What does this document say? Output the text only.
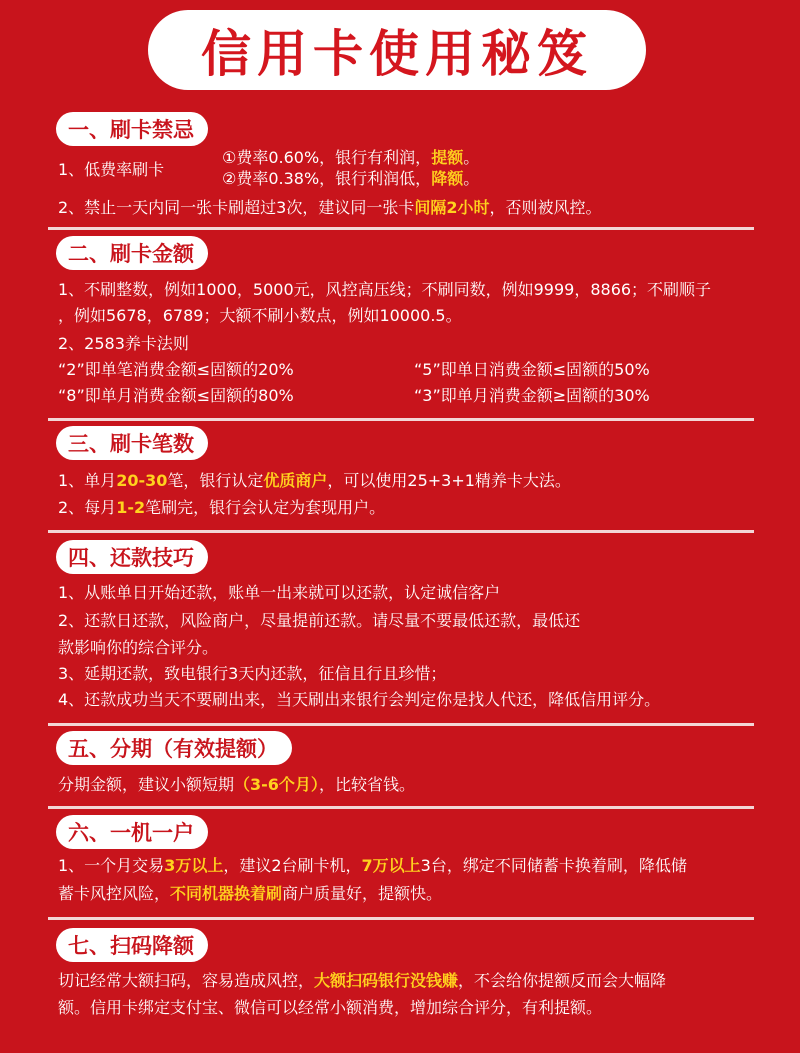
信用卡使用秘笈
一、刷卡禁忌
1、低费率刷卡
①费率0.60%，银行有利润，提额。
②费率0.38%，银行利润低，降额。
2、禁止一天内同一张卡刷超过3次，建议同一张卡间隔2小时，否则被风控。
二、刷卡金额
1、不刷整数，例如1000，5000元，风控高压线；不刷同数，例如9999，8866；不刷顺子
，例如5678，6789；大额不刷小数点，例如10000.5。
2、2583养卡法则
“2”即单笔消费金额≤固额的20%	“5”即单日消费金额≤固额的50%
“8”即单月消费金额≤固额的80%	“3”即单月消费金额≥固额的30%
三、刷卡笔数
1、单月20-30笔，银行认定优质商户，可以使用25+3+1精养卡大法。
2、每月1-2笔刷完，银行会认定为套现用户。
四、还款技巧
1、从账单日开始还款，账单一出来就可以还款，认定诚信客户
2、还款日还款，风险商户，尽量提前还款。请尽量不要最低还款，最低还
款影响你的综合评分。
3、延期还款，致电银行3天内还款，征信且行且珍惜；
4、还款成功当天不要刷出来，当天刷出来银行会判定你是找人代还，降低信用评分。
五、分期（有效提额）
分期金额，建议小额短期（3-6个月），比较省钱。
六、一机一户
1、一个月交易3万以上，建议2台刷卡机，7万以上3台，绑定不同储蓄卡换着刷，降低储
蓄卡风控风险，不同机器换着刷商户质量好，提额快。
七、扫码降额
切记经常大额扫码，容易造成风控，大额扫码银行没钱赚，不会给你提额反而会大幅降
额。信用卡绑定支付宝、微信可以经常小额消费，增加综合评分，有利提额。
